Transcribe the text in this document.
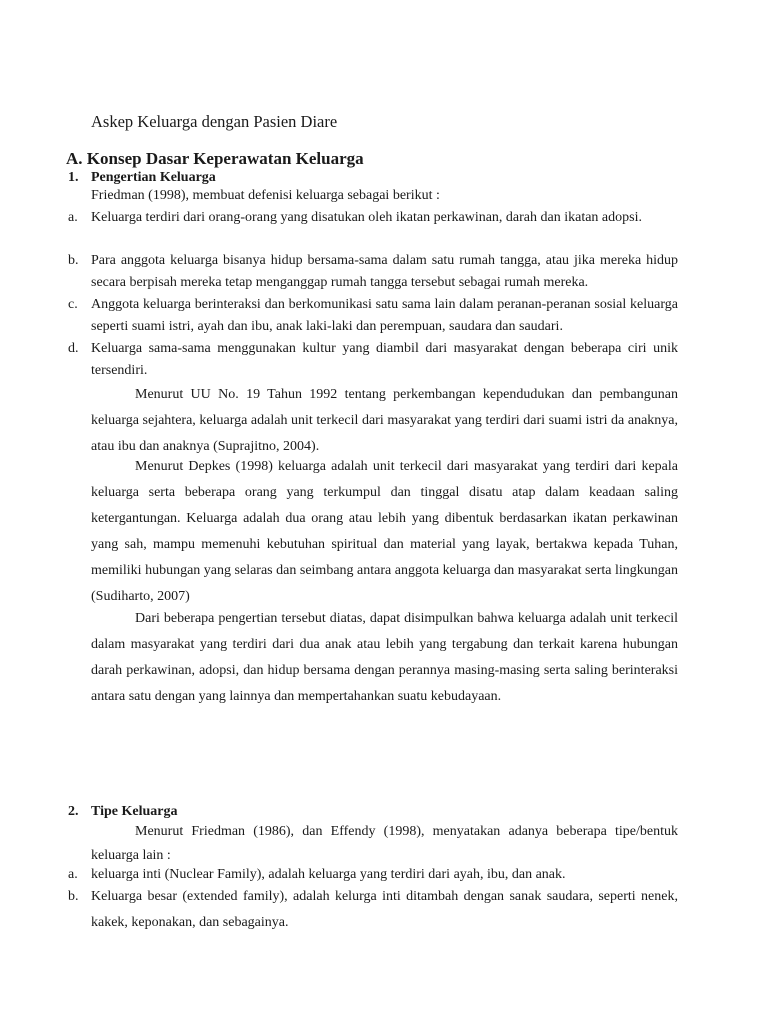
Askep Keluarga dengan Pasien Diare
A. Konsep Dasar Keperawatan Keluarga
1. Pengertian Keluarga
Friedman (1998), membuat defenisi keluarga sebagai berikut :
a. Keluarga terdiri dari orang-orang yang disatukan oleh ikatan perkawinan, darah dan ikatan adopsi.
b. Para anggota keluarga bisanya hidup bersama-sama dalam satu rumah tangga, atau jika mereka hidup secara berpisah mereka tetap menganggap rumah tangga tersebut sebagai rumah mereka.
c. Anggota keluarga berinteraksi dan berkomunikasi satu sama lain dalam peranan-peranan sosial keluarga seperti suami istri, ayah dan ibu, anak laki-laki dan perempuan, saudara dan saudari.
d. Keluarga sama-sama menggunakan kultur yang diambil dari masyarakat dengan beberapa ciri unik tersendiri.

Menurut UU No. 19 Tahun 1992 tentang perkembangan kependudukan dan pembangunan keluarga sejahtera, keluarga adalah unit terkecil dari masyarakat yang terdiri dari suami istri da anaknya, atau ibu dan anaknya (Suprajitno, 2004).

Menurut Depkes (1998) keluarga adalah unit terkecil dari masyarakat yang terdiri dari kepala keluarga serta beberapa orang yang terkumpul dan tinggal disatu atap dalam keadaan saling ketergantungan. Keluarga adalah dua orang atau lebih yang dibentuk berdasarkan ikatan perkawinan yang sah, mampu memenuhi kebutuhan spiritual dan material yang layak, bertakwa kepada Tuhan, memiliki hubungan yang selaras dan seimbang antara anggota keluarga dan masyarakat serta lingkungan (Sudiharto, 2007)

Dari beberapa pengertian tersebut diatas, dapat disimpulkan bahwa keluarga adalah unit terkecil dalam masyarakat yang terdiri dari dua anak atau lebih yang tergabung dan terkait karena hubungan darah perkawinan, adopsi, dan hidup bersama dengan perannya masing-masing serta saling berinteraksi antara satu dengan yang lainnya dan mempertahankan suatu kebudayaan.

2. Tipe Keluarga

Menurut Friedman (1986), dan Effendy (1998), menyatakan adanya beberapa tipe/bentuk keluarga lain :

a. keluarga inti (Nuclear Family), adalah keluarga yang terdiri dari ayah, ibu, dan anak.
b. Keluarga besar (extended family), adalah kelurga inti ditambah dengan sanak saudara, seperti nenek, kakek, keponakan, dan sebagainya.
